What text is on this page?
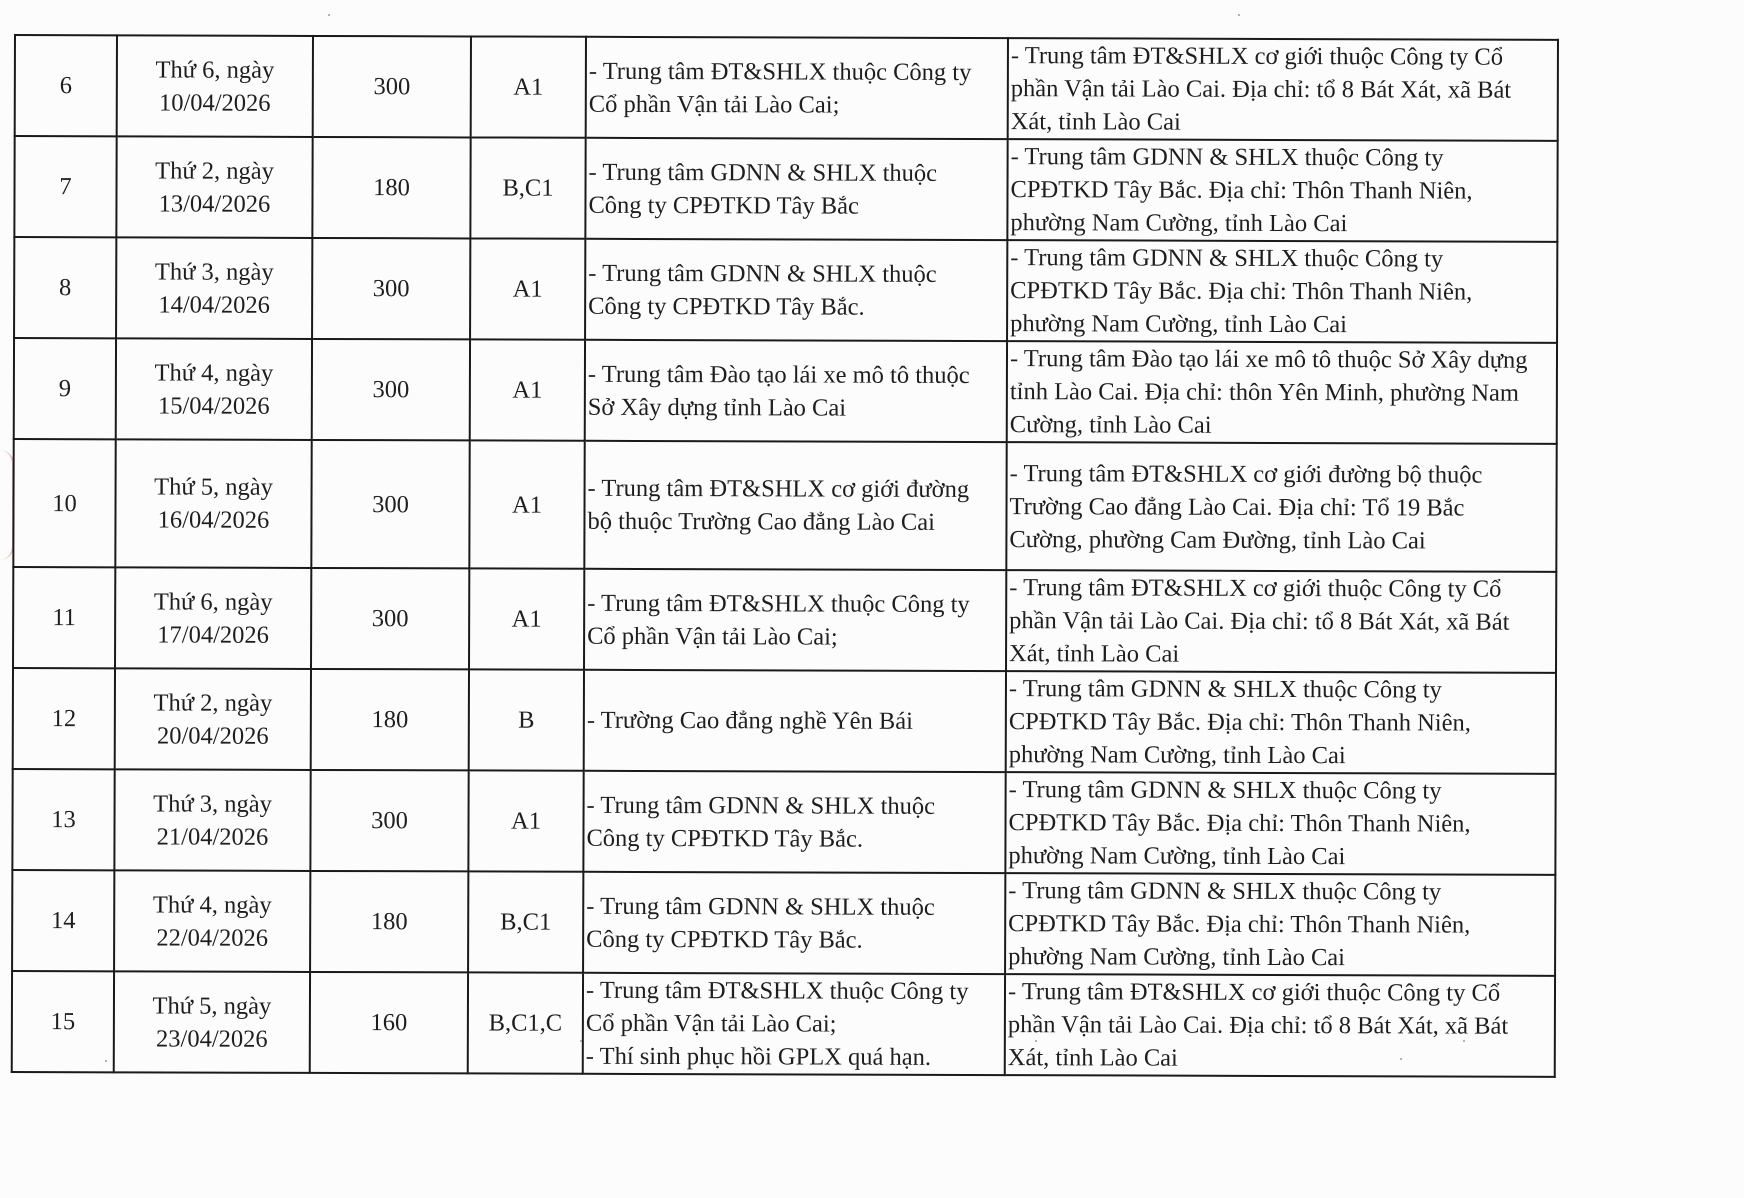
6	Thứ 6, ngày
10/04/2026	300	A1	- Trung tâm ĐT&SHLX thuộc Công ty
Cổ phần Vận tải Lào Cai;	- Trung tâm ĐT&SHLX cơ giới thuộc Công ty Cổ
phần Vận tải Lào Cai. Địa chỉ: tổ 8 Bát Xát, xã Bát
Xát, tỉnh Lào Cai

7	Thứ 2, ngày
13/04/2026	180	B,C1	- Trung tâm GDNN & SHLX thuộc
Công ty CPĐTKD Tây Bắc	- Trung tâm GDNN & SHLX thuộc Công ty
CPĐTKD Tây Bắc. Địa chỉ: Thôn Thanh Niên,
phường Nam Cường, tỉnh Lào Cai

8	Thứ 3, ngày
14/04/2026	300	A1	- Trung tâm GDNN & SHLX thuộc
Công ty CPĐTKD Tây Bắc.	- Trung tâm GDNN & SHLX thuộc Công ty
CPĐTKD Tây Bắc. Địa chỉ: Thôn Thanh Niên,
phường Nam Cường, tỉnh Lào Cai

9	Thứ 4, ngày
15/04/2026	300	A1	- Trung tâm Đào tạo lái xe mô tô thuộc
Sở Xây dựng tỉnh Lào Cai	- Trung tâm Đào tạo lái xe mô tô thuộc Sở Xây dựng
tỉnh Lào Cai. Địa chỉ: thôn Yên Minh, phường Nam
Cường, tỉnh Lào Cai

10	Thứ 5, ngày
16/04/2026	300	A1	- Trung tâm ĐT&SHLX cơ giới đường
bộ thuộc Trường Cao đẳng Lào Cai	- Trung tâm ĐT&SHLX cơ giới đường bộ thuộc
Trường Cao đẳng Lào Cai. Địa chỉ: Tổ 19 Bắc
Cường, phường Cam Đường, tỉnh Lào Cai

11	Thứ 6, ngày
17/04/2026	300	A1	- Trung tâm ĐT&SHLX thuộc Công ty
Cổ phần Vận tải Lào Cai;	- Trung tâm ĐT&SHLX cơ giới thuộc Công ty Cổ
phần Vận tải Lào Cai. Địa chỉ: tổ 8 Bát Xát, xã Bát
Xát, tỉnh Lào Cai

12	Thứ 2, ngày
20/04/2026	180	B	- Trường Cao đẳng nghề Yên Bái	- Trung tâm GDNN & SHLX thuộc Công ty
CPĐTKD Tây Bắc. Địa chỉ: Thôn Thanh Niên,
phường Nam Cường, tỉnh Lào Cai

13	Thứ 3, ngày
21/04/2026	300	A1	- Trung tâm GDNN & SHLX thuộc
Công ty CPĐTKD Tây Bắc.	- Trung tâm GDNN & SHLX thuộc Công ty
CPĐTKD Tây Bắc. Địa chỉ: Thôn Thanh Niên,
phường Nam Cường, tỉnh Lào Cai

14	Thứ 4, ngày
22/04/2026	180	B,C1	- Trung tâm GDNN & SHLX thuộc
Công ty CPĐTKD Tây Bắc.	- Trung tâm GDNN & SHLX thuộc Công ty
CPĐTKD Tây Bắc. Địa chỉ: Thôn Thanh Niên,
phường Nam Cường, tỉnh Lào Cai

15	Thứ 5, ngày
23/04/2026	160	B,C1,C	- Trung tâm ĐT&SHLX thuộc Công ty
Cổ phần Vận tải Lào Cai;
- Thí sinh phục hồi GPLX quá hạn.	- Trung tâm ĐT&SHLX cơ giới thuộc Công ty Cổ
phần Vận tải Lào Cai. Địa chỉ: tổ 8 Bát Xát, xã Bát
Xát, tỉnh Lào Cai
